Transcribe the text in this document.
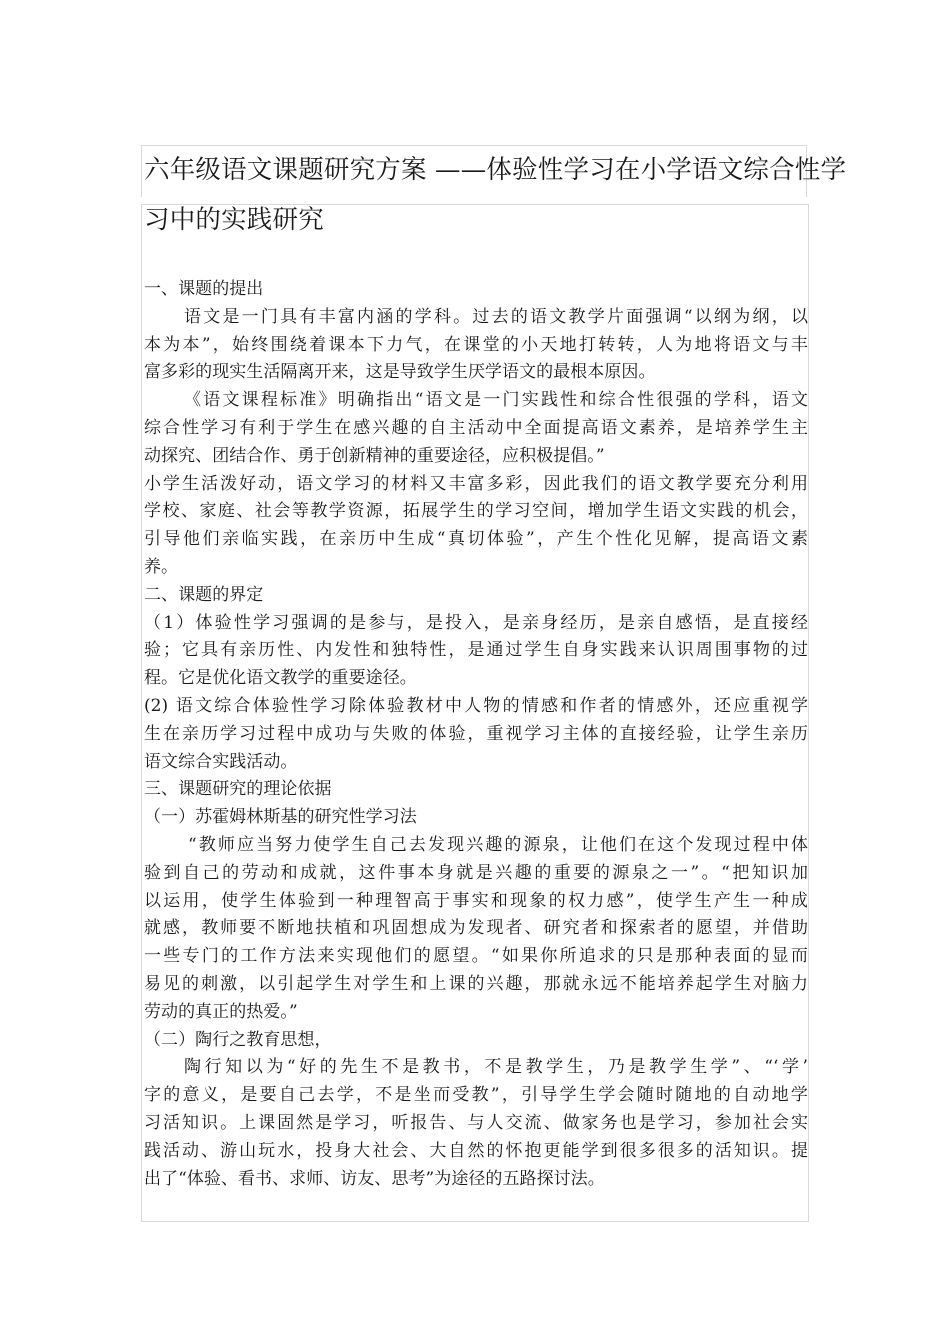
六年级语文课题研究方案 ——体验性学习在小学语文综合性学
习中的实践研究
一、课题的提出
语文是一门具有丰富内涵的学科。过去的语文教学片面强调“以纲为纲，以
本为本”，始终围绕着课本下力气，在课堂的小天地打转转，人为地将语文与丰
富多彩的现实生活隔离开来，这是导致学生厌学语文的最根本原因。
《语文课程标准》明确指出“语文是一门实践性和综合性很强的学科，语文
综合性学习有利于学生在感兴趣的自主活动中全面提高语文素养，是培养学生主
动探究、团结合作、勇于创新精神的重要途径，应积极提倡。”
小学生活泼好动，语文学习的材料又丰富多彩，因此我们的语文教学要充分利用
学校、家庭、社会等教学资源，拓展学生的学习空间，增加学生语文实践的机会，
引导他们亲临实践，在亲历中生成“真切体验”，产生个性化见解，提高语文素
养。
二、课题的界定
（1）体验性学习强调的是参与，是投入，是亲身经历，是亲自感悟，是直接经
验；它具有亲历性、内发性和独特性，是通过学生自身实践来认识周围事物的过
程。它是优化语文教学的重要途径。
(2) 语文综合体验性学习除体验教材中人物的情感和作者的情感外，还应重视学
生在亲历学习过程中成功与失败的体验，重视学习主体的直接经验，让学生亲历
语文综合实践活动。
三、课题研究的理论依据
（一）苏霍姆林斯基的研究性学习法
“教师应当努力使学生自己去发现兴趣的源泉，让他们在这个发现过程中体
验到自己的劳动和成就，这件事本身就是兴趣的重要的源泉之一”。“把知识加
以运用，使学生体验到一种理智高于事实和现象的权力感”，使学生产生一种成
就感，教师要不断地扶植和巩固想成为发现者、研究者和探索者的愿望，并借助
一些专门的工作方法来实现他们的愿望。“如果你所追求的只是那种表面的显而
易见的刺激，以引起学生对学生和上课的兴趣，那就永远不能培养起学生对脑力
劳动的真正的热爱。”
（二）陶行之教育思想，
陶行知以为“好的先生不是教书，不是教学生，乃是教学生学”、“‘学’
字的意义，是要自己去学，不是坐而受教”，引导学生学会随时随地的自动地学
习活知识。上课固然是学习，听报告、与人交流、做家务也是学习，参加社会实
践活动、游山玩水，投身大社会、大自然的怀抱更能学到很多很多的活知识。提
出了“体验、看书、求师、访友、思考”为途径的五路探讨法。
